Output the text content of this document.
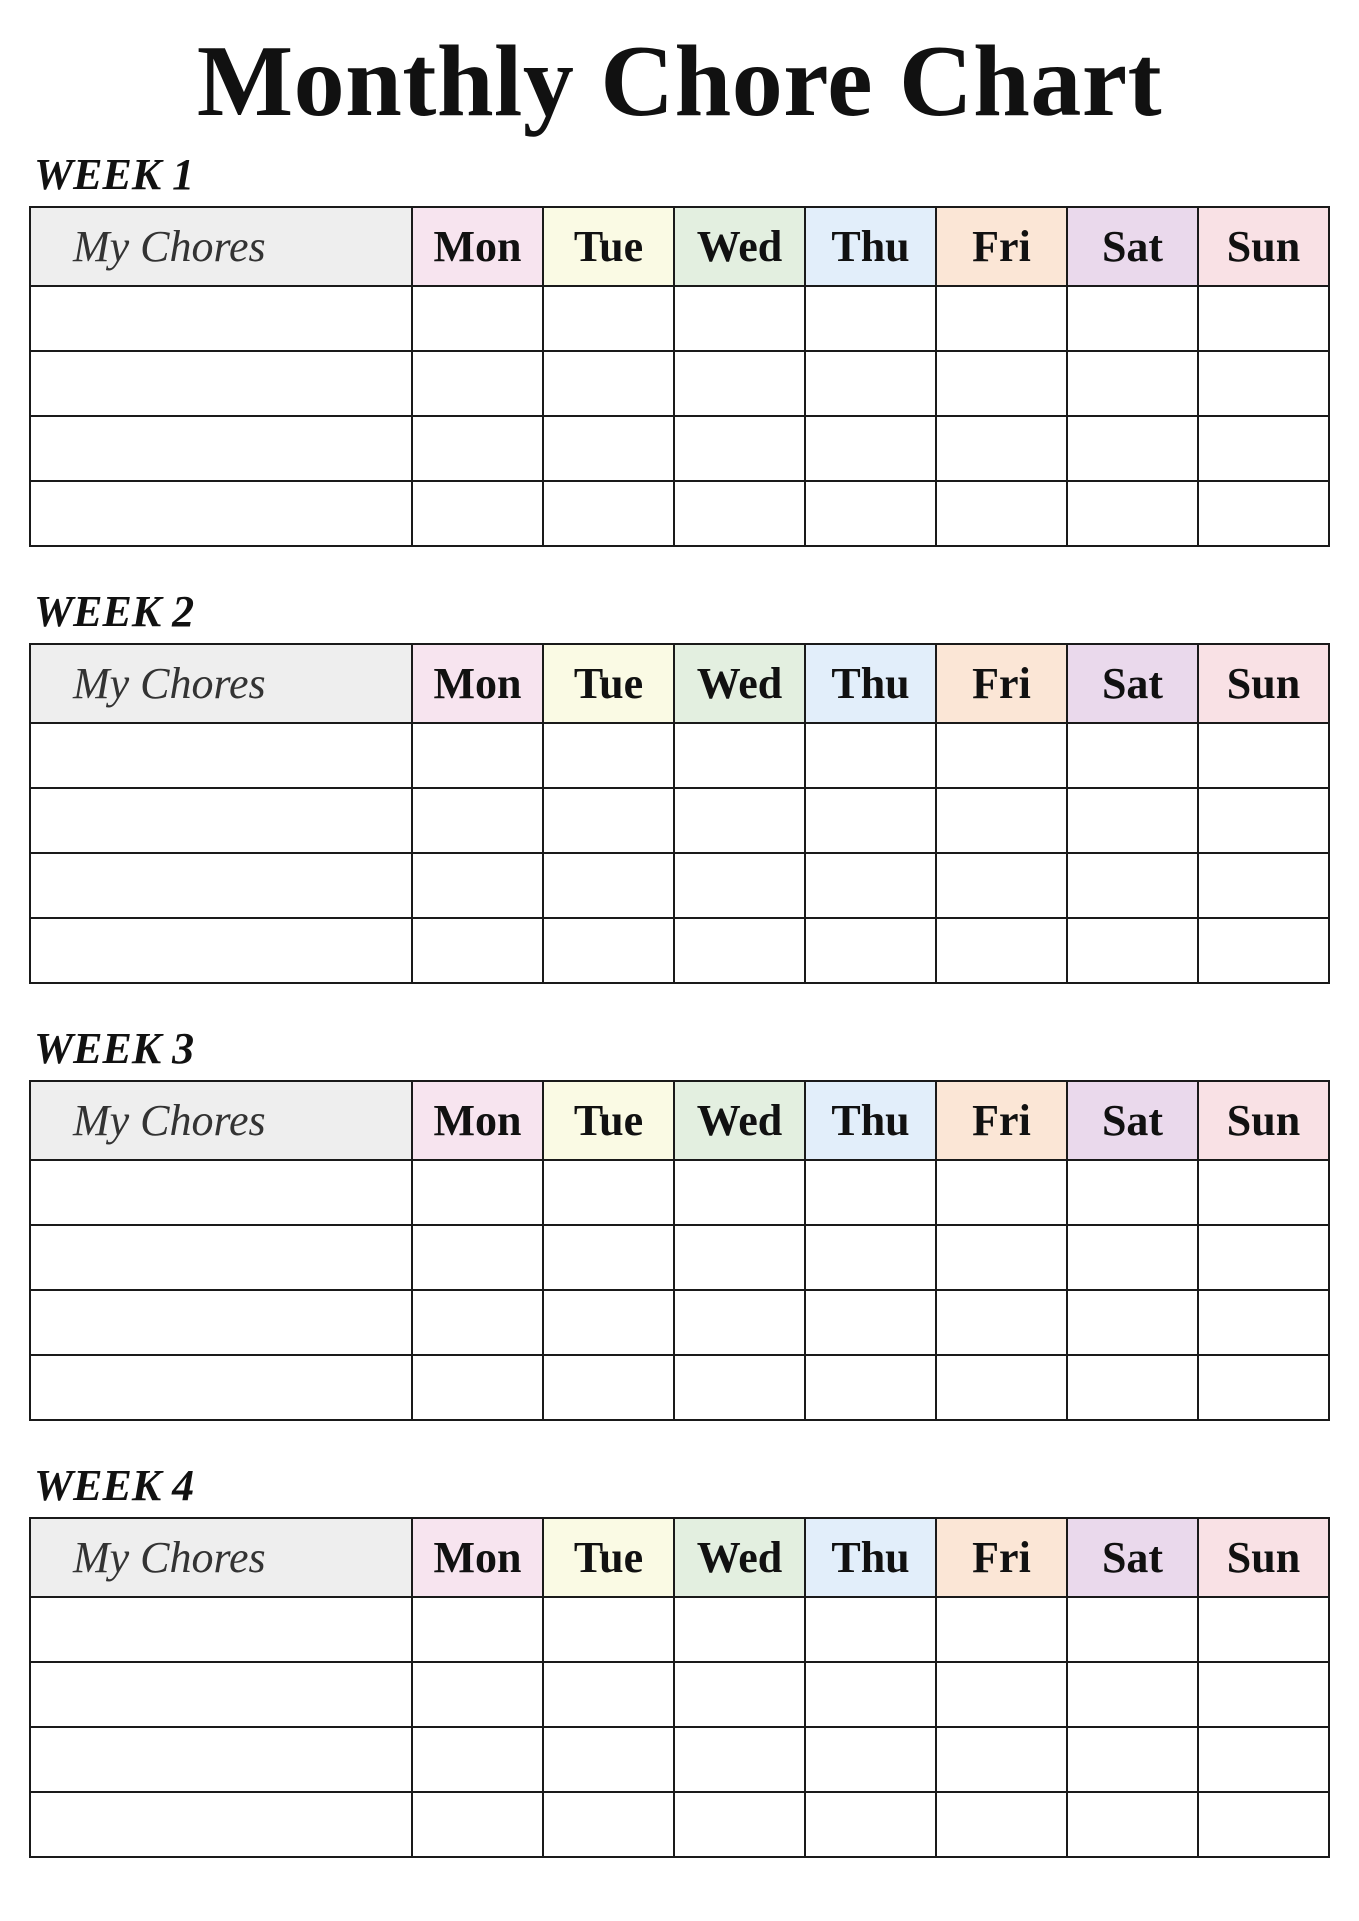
Monthly Chore Chart
WEEK 1
My Chores	Mon	Tue	Wed	Thu	Fri	Sat	Sun

WEEK 2
My Chores	Mon	Tue	Wed	Thu	Fri	Sat	Sun

WEEK 3
My Chores	Mon	Tue	Wed	Thu	Fri	Sat	Sun

WEEK 4
My Chores	Mon	Tue	Wed	Thu	Fri	Sat	Sun
